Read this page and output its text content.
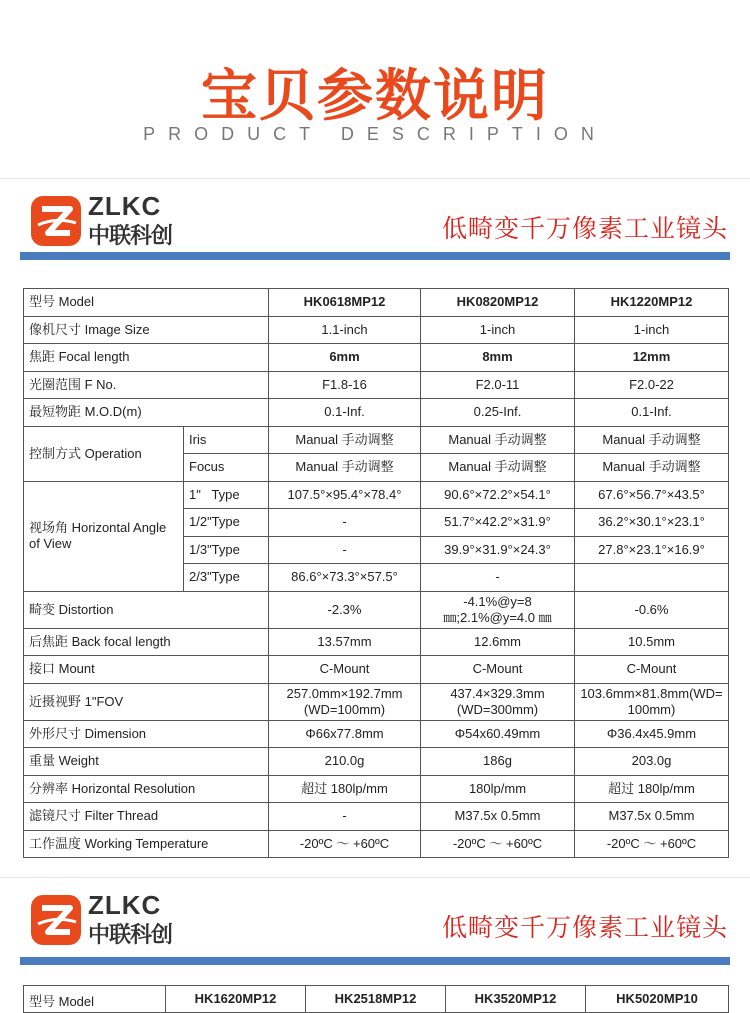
宝贝参数说明
PRODUCT DESCRIPTION
ZLKC
中联科创	低畸变千万像素工业镜头
型号 Model		HK0618MP12	HK0820MP12	HK1220MP12
像机尺寸 Image Size		1.1-inch	1-inch	1-inch
焦距 Focal length		6mm	8mm	12mm
光圈范围 F No.		F1.8-16	F2.0-11	F2.0-22
最短物距 M.O.D(m)		0.1-Inf.	0.25-Inf.	0.1-Inf.
控制方式 Operation	Iris	Manual 手动调整	Manual 手动调整	Manual 手动调整
	Focus	Manual 手动调整	Manual 手动调整	Manual 手动调整
视场角 Horizontal Angle of View	1"   Type	107.5°×95.4°×78.4°	90.6°×72.2°×54.1°	67.6°×56.7°×43.5°
	1/2"Type	-	51.7°×42.2°×31.9°	36.2°×30.1°×23.1°
	1/3"Type	-	39.9°×31.9°×24.3°	27.8°×23.1°×16.9°
	2/3"Type	86.6°×73.3°×57.5°	-	
畸变 Distortion		-2.3%	-4.1%@y=8 ㎜;2.1%@y=4.0 ㎜	-0.6%
后焦距 Back focal length		13.57mm	12.6mm	10.5mm
接口 Mount		C-Mount	C-Mount	C-Mount
近摄视野 1"FOV		257.0mm×192.7mm (WD=100mm)	437.4×329.3mm (WD=300mm)	103.6mm×81.8mm(WD=100mm)
外形尺寸 Dimension		Φ66x77.8mm	Φ54x60.49mm	Φ36.4x45.9mm
重量 Weight		210.0g	186g	203.0g
分辨率 Horizontal Resolution		超过 180lp/mm	180lp/mm	超过 180lp/mm
滤镜尺寸 Filter Thread		-	M37.5x 0.5mm	M37.5x 0.5mm
工作温度 Working Temperature		-20ºC ～ +60ºC	-20ºC ～ +60ºC	-20ºC ～ +60ºC
ZLKC
中联科创	低畸变千万像素工业镜头
型号 Model	HK1620MP12	HK2518MP12	HK3520MP12	HK5020MP10
